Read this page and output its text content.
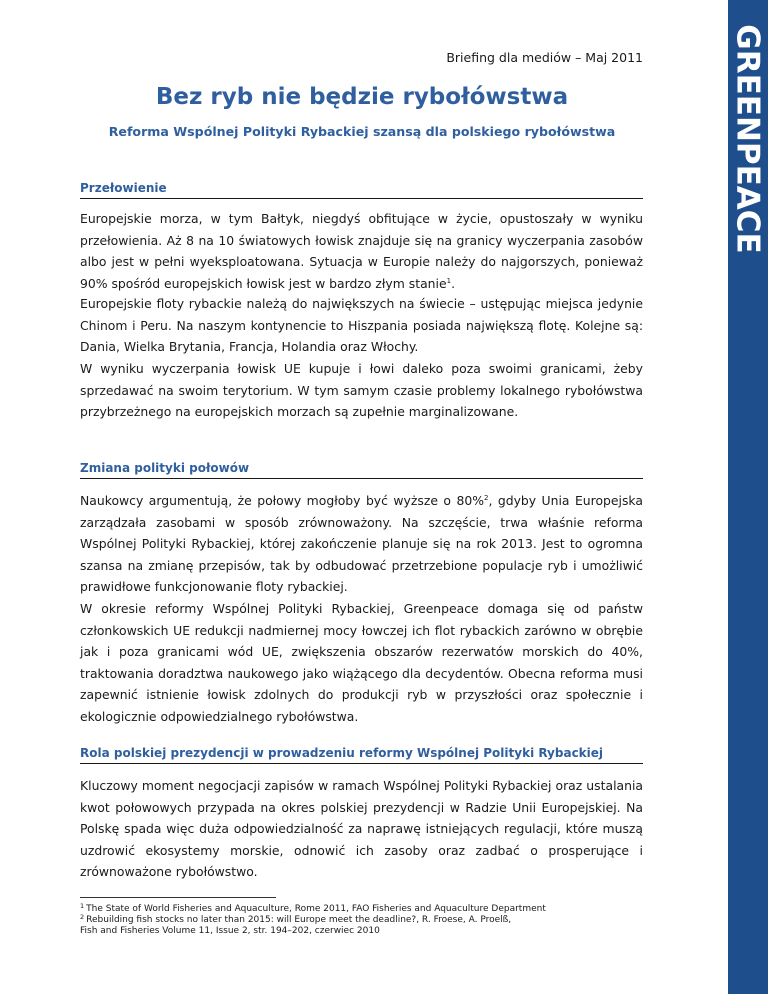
GREENPEACE
Briefing dla mediów – Maj 2011
Bez ryb nie będzie rybołówstwa
Reforma Wspólnej Polityki Rybackiej szansą dla polskiego rybołówstwa
Przełowienie

Europejskie morza, w tym Bałtyk, niegdyś obfitujące w życie, opustoszały w wyniku przełowienia. Aż 8 na 10 światowych łowisk znajduje się na granicy wyczerpania zasobów albo jest w pełni wyeksploatowana. Sytuacja w Europie należy do najgorszych, ponieważ 90% spośród europejskich łowisk jest w bardzo złym stanie$^1$.

Europejskie floty rybackie należą do największych na świecie – ustępując miejsca jedynie Chinom i Peru. Na naszym kontynencie to Hiszpania posiada największą flotę. Kolejne są: Dania, Wielka Brytania, Francja, Holandia oraz Włochy.

W wyniku wyczerpania łowisk UE kupuje i łowi daleko poza swoimi granicami, żeby sprzedawać na swoim terytorium. W tym samym czasie problemy lokalnego rybołówstwa przybrzeżnego na europejskich morzach są zupełnie marginalizowane.

Zmiana polityki połowów

Naukowcy argumentują, że połowy mogłoby być wyższe o 80%$^2$, gdyby Unia Europejska zarządzała zasobami w sposób zrównoważony. Na szczęście, trwa właśnie reforma Wspólnej Polityki Rybackiej, której zakończenie planuje się na rok 2013. Jest to ogromna szansa na zmianę przepisów, tak by odbudować przetrzebione populacje ryb i umożliwić prawidłowe funkcjonowanie floty rybackiej.

W okresie reformy Wspólnej Polityki Rybackiej, Greenpeace domaga się od państw członkowskich UE redukcji nadmiernej mocy łowczej ich flot rybackich zarówno w obrębie jak i poza granicami wód UE, zwiększenia obszarów rezerwatów morskich do 40%, traktowania doradztwa naukowego jako wiążącego dla decydentów. Obecna reforma musi zapewnić istnienie łowisk zdolnych do produkcji ryb w przyszłości oraz społecznie i ekologicznie odpowiedzialnego rybołówstwa.

Rola polskiej prezydencji w prowadzeniu reformy Wspólnej Polityki Rybackiej

Kluczowy moment negocjacji zapisów w ramach Wspólnej Polityki Rybackiej oraz ustalania kwot połowowych przypada na okres polskiej prezydencji w Radzie Unii Europejskiej. Na Polskę spada więc duża odpowiedzialność za naprawę istniejących regulacji, które muszą uzdrowić ekosystemy morskie, odnowić ich zasoby oraz zadbać o prosperujące i zrównoważone rybołówstwo.

$^1$ The State of World Fisheries and Aquaculture, Rome 2011, FAO Fisheries and Aquaculture Department
$^2$ Rebuilding fish stocks no later than 2015: will Europe meet the deadline?, R. Froese, A. Proelß,
Fish and Fisheries Volume 11, Issue 2, str. 194–202, czerwiec 2010
